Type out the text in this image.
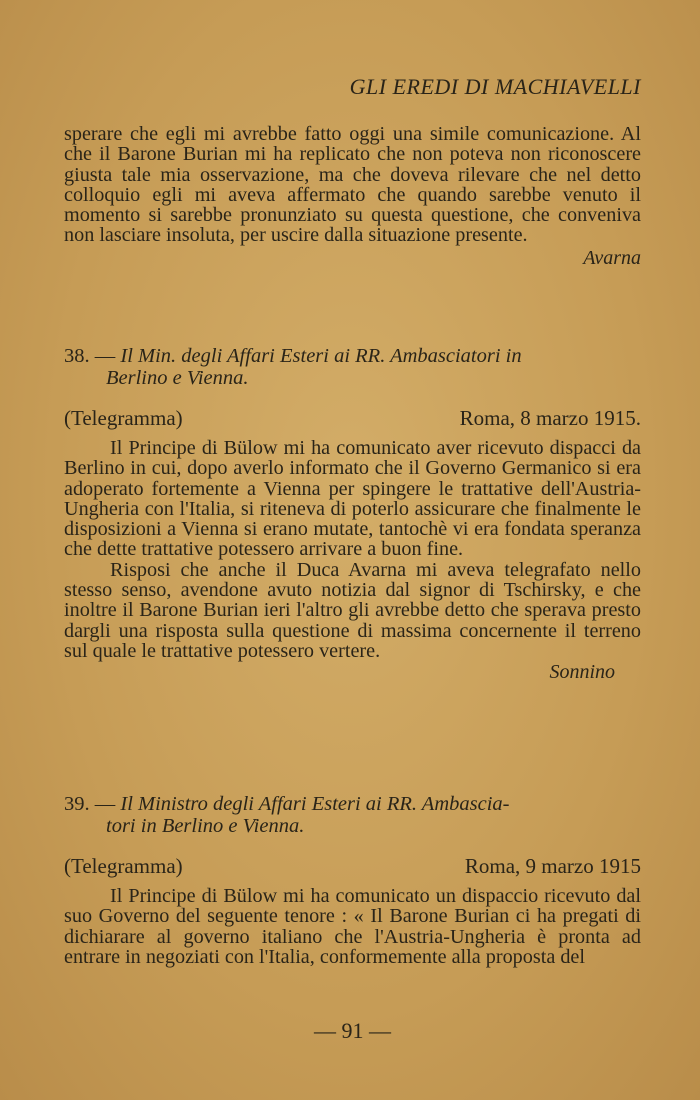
GLI EREDI DI MACHIAVELLI

sperare che egli mi avrebbe fatto oggi una simile comunicazione. Al che il Barone Burian mi ha replicato che non poteva non riconoscere giusta tale mia osservazione, ma che doveva rilevare che nel detto colloquio egli mi aveva affermato che quando sarebbe venuto il momento si sarebbe pronunziato su questa questione, che conveniva non lasciare insoluta, per uscire dalla situazione presente.

Avarna
38. — Il Min. degli Affari Esteri ai RR. Ambasciatori in
Berlino e Vienna.
(Telegramma)	Roma, 8 marzo 1915.

Il Principe di Bülow mi ha comunicato aver ricevuto dispacci da Berlino in cui, dopo averlo informato che il Governo Germanico si era adoperato fortemente a Vienna per spingere le trattative dell'Austria-Ungheria con l'Italia, si riteneva di poterlo assicurare che finalmente le disposizioni a Vienna si erano mutate, tantochè vi era fondata speranza che dette trattative potessero arrivare a buon fine.

Risposi che anche il Duca Avarna mi aveva telegrafato nello stesso senso, avendone avuto notizia dal signor di Tschirsky, e che inoltre il Barone Burian ieri l'altro gli avrebbe detto che sperava presto dargli una risposta sulla questione di massima concernente il terreno sul quale le trattative potessero vertere.

Sonnino
39. — Il Ministro degli Affari Esteri ai RR. Ambascia-
tori in Berlino e Vienna.
(Telegramma)	Roma, 9 marzo 1915

Il Principe di Bülow mi ha comunicato un dispaccio ricevuto dal suo Governo del seguente tenore : « Il Barone Burian ci ha pregati di dichiarare al governo italiano che l'Austria-Ungheria è pronta ad entrare in negoziati con l'Italia, conformemente alla proposta del

— 91 —
